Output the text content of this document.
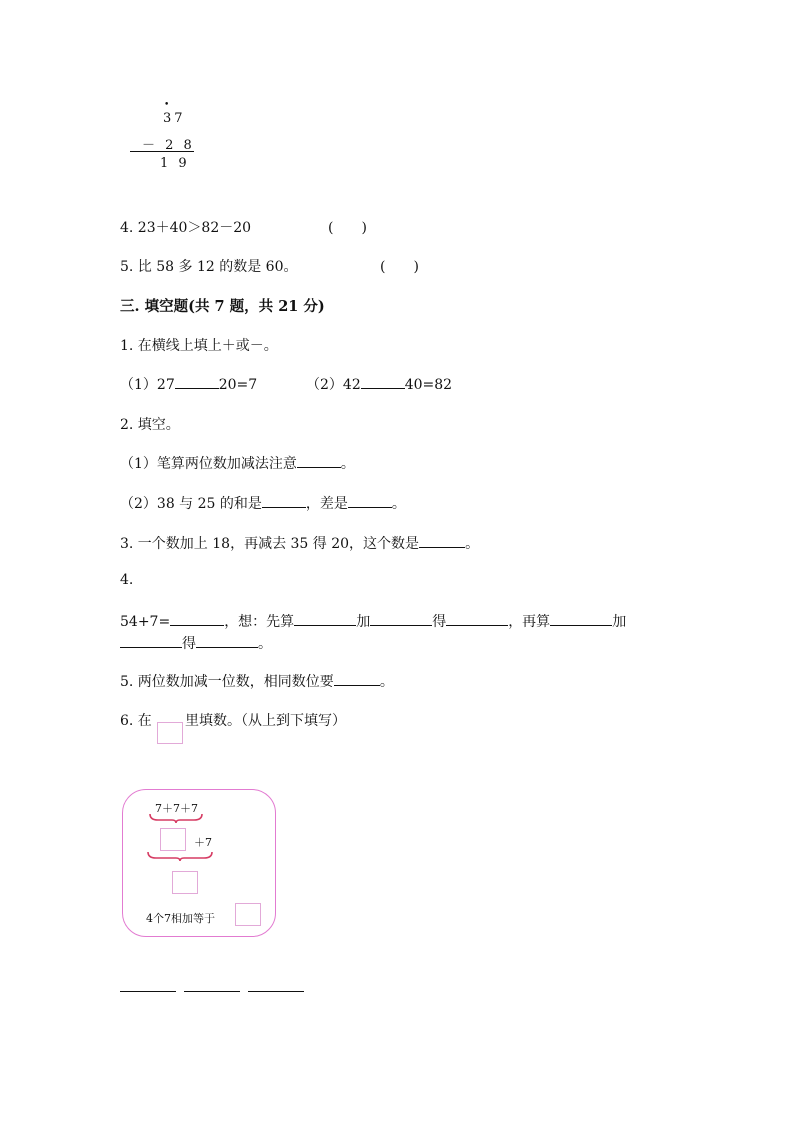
•
37
－ 2 8
1 9
4. 23＋40＞82－20	(　　)
5. 比 58 多 12 的数是 60。	(　　)
三. 填空题(共 7 题，共 21 分)
1. 在横线上填上＋或－。
（1）27	20=7	（2）42	40=82
2. 填空。
（1）笔算两位数加减法注意	。
（2）38 与 25 的和是	，差是	。
3. 一个数加上 18，再减去 35 得 20，这个数是	。
4.
54+7=	，想：先算	加	得	，再算	加
得	。
5. 两位数加减一位数，相同数位要	。
6. 在 里填数。（从上到下填写）
7＋7＋7
＋7
4个7相加等于
